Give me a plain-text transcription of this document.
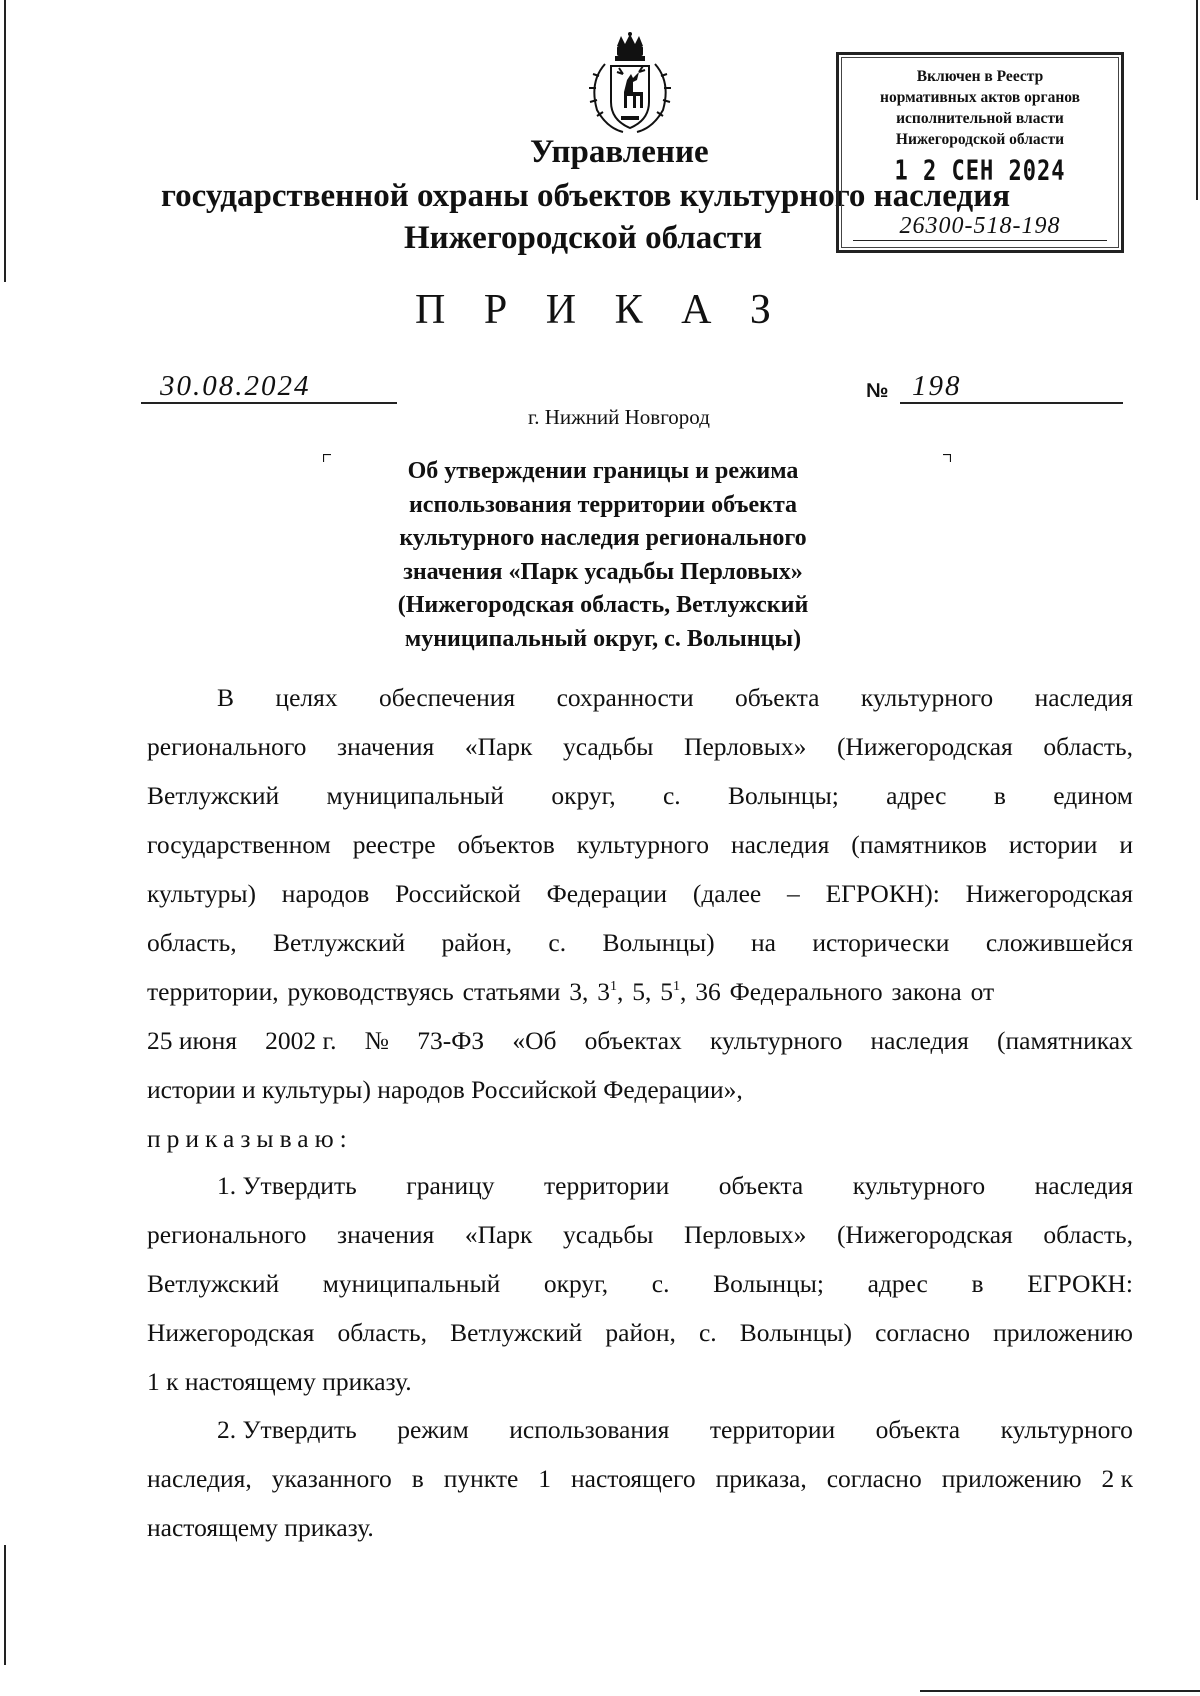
Управление
государственной охраны объектов культурного наследия
Нижегородской области
Включен в Реестр
нормативных актов органов
исполнительной власти
Нижегородской области
1 2 СЕН 2024
26300-518-198
П Р И К А З
30.08.2024	№ 198
г. Нижний Новгород
Об утверждении границы и режима
использования территории объекта
культурного наследия регионального
значения «Парк усадьбы Перловых»
(Нижегородская область, Ветлужский
муниципальный округ, с. Волынцы)
В целях обеспечения сохранности объекта культурного наследия
регионального значения «Парк усадьбы Перловых» (Нижегородская область,
Ветлужский муниципальный округ, с. Волынцы; адрес в едином
государственном реестре объектов культурного наследия (памятников истории и
культуры) народов Российской Федерации (далее – ЕГРОКН): Нижегородская
область, Ветлужский район, с. Волынцы) на исторически сложившейся
территории, руководствуясь статьями 3, $3^1$, 5, $5^1$, 36 Федерального закона от
25 июня 2002 г. № 73-ФЗ «Об объектах культурного наследия (памятниках
истории и культуры) народов Российской Федерации»,
приказываю:
1. Утвердить границу территории объекта культурного наследия
регионального значения «Парк усадьбы Перловых» (Нижегородская область,
Ветлужский муниципальный округ, с. Волынцы; адрес в ЕГРОКН:
Нижегородская область, Ветлужский район, с. Волынцы) согласно приложению
1 к настоящему приказу.
2. Утвердить режим использования территории объекта культурного
наследия, указанного в пункте 1 настоящего приказа, согласно приложению 2 к
настоящему приказу.
